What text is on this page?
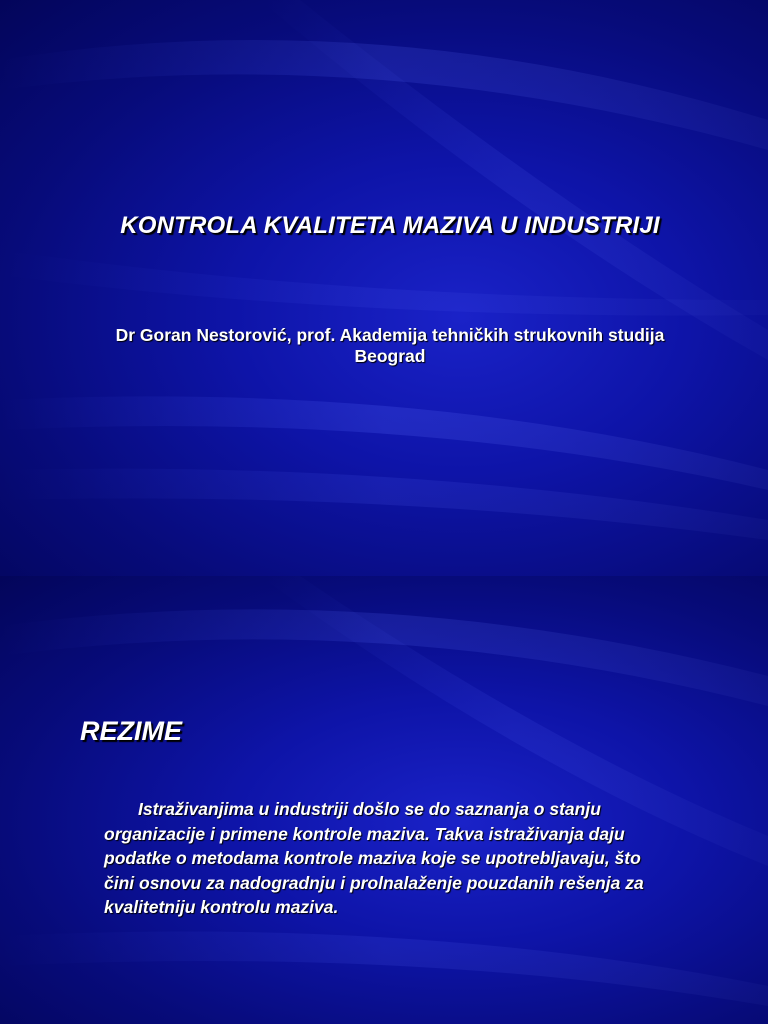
KONTROLA KVALITETA MAZIVA U INDUSTRIJI
Dr Goran Nestorović, prof. Akademija tehničkih strukovnih studija
Beograd
REZIME
Istraživanjima u industriji došlo se do saznanja o stanju
organizacije i primene kontrole maziva. Takva istraživanja daju
podatke o metodama kontrole maziva koje se upotrebljavaju, što
čini osnovu za nadogradnju i prolnalaženje pouzdanih rešenja za
kvalitetniju kontrolu maziva.
